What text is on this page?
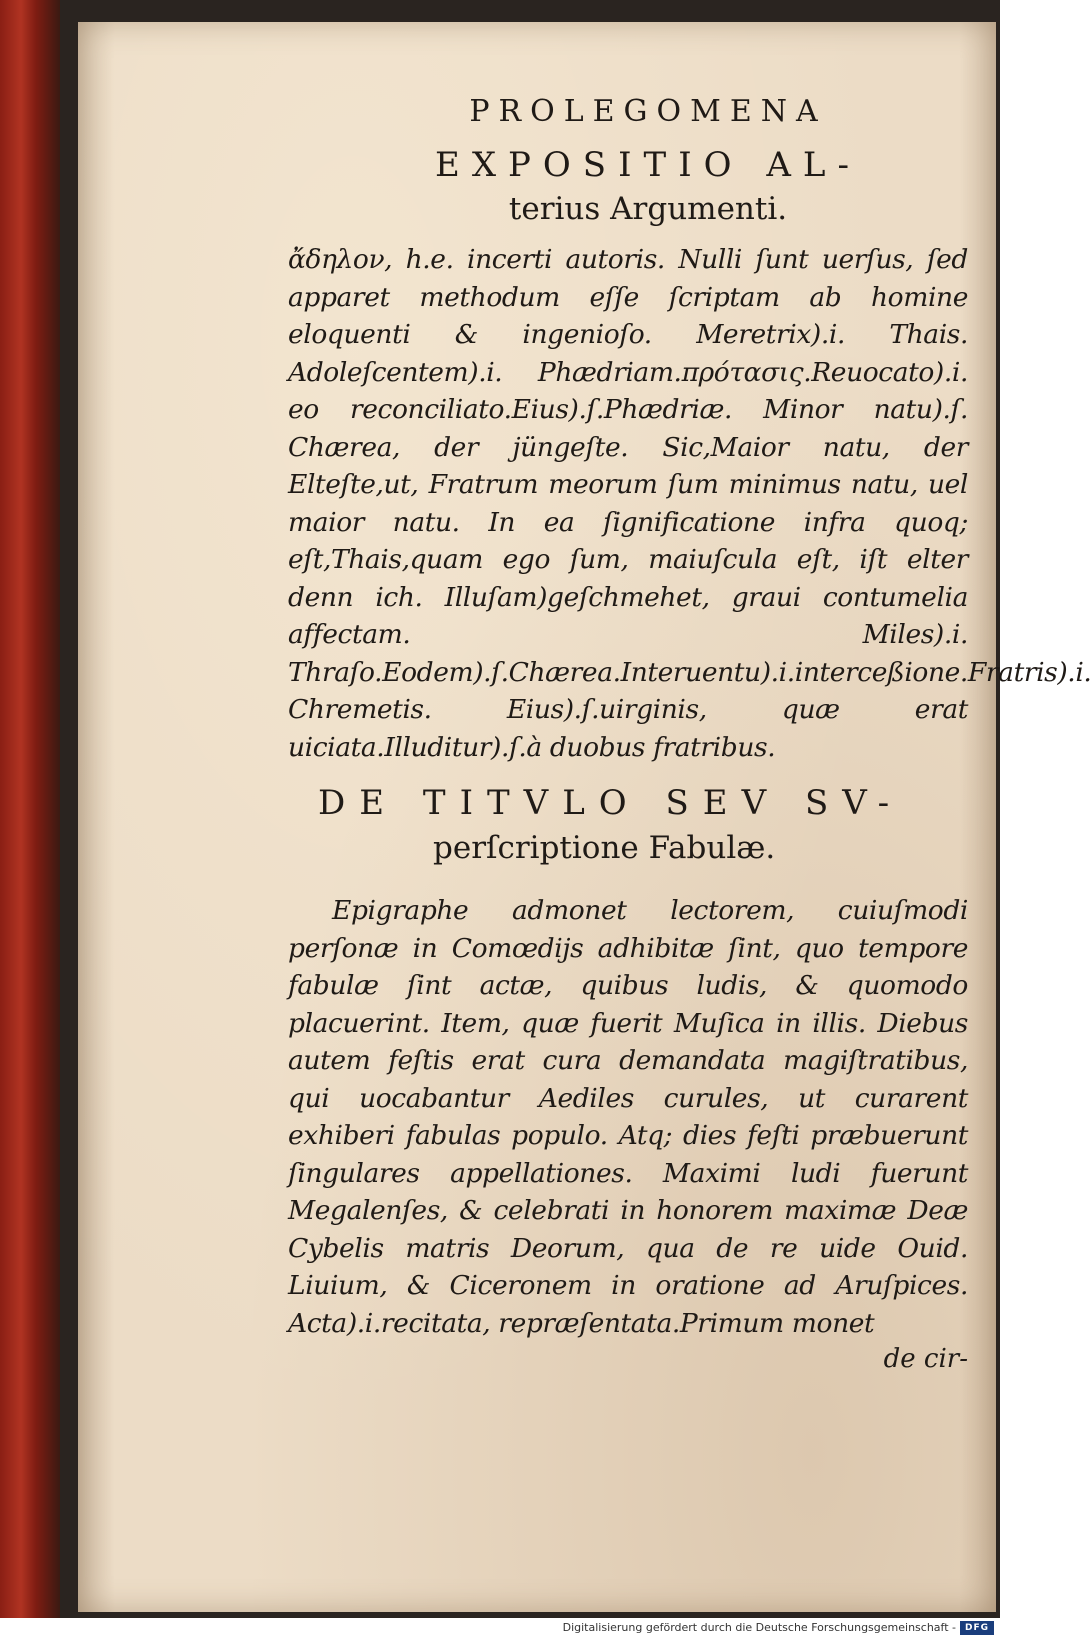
PROLEGOMENA
EXPOSITIO AL-
terius Argumenti.

ἄδηλον, h.e. incerti autoris. Nulli ſunt uerſus, ſed apparet methodum eſſe ſcriptam ab homine eloquenti & ingenioſo. Meretrix).i. Thais. Adoleſcentem).i. Phædriam.πρότασις.Reuocato).i. eo reconciliato.Eius).ſ.Phædriæ. Minor natu).ſ. Chærea, der jüngeſte. Sic,Maior natu, der Elteſte,ut, Fratrum meorum ſum minimus natu, uel maior natu. In ea ſignificatione infra quoq; eſt,Thais,quam ego ſum, maiuſcula eſt, iſt elter denn ich. Illuſam)geſchmehet, graui contumelia affectam. Miles).i. Thraſo.Eodem).ſ.Chærea.Interuentu).i.interceßione.Fratris).i. Chremetis. Eius).ſ.uirginis, quæ erat uiciata.Illuditur).ſ.à duobus fratribus.

DE TITVLO SEV SV-
perſcriptione Fabulæ.

Epigraphe admonet lectorem, cuiuſmodi perſonæ in Comœdijs adhibitæ ſint, quo tempore fabulæ ſint actæ, quibus ludis, & quomodo placuerint. Item, quæ fuerit Muſica in illis. Diebus autem feſtis erat cura demandata magiſtratibus, qui uocabantur Aediles curules, ut curarent exhiberi fabulas populo. Atq; dies feſti præbuerunt ſingulares appellationes. Maximi ludi fuerunt Megalenſes, & celebrati in honorem maximæ Deæ Cybelis matris Deorum, qua de re uide Ouid. Liuium, & Ciceronem in oratione ad Aruſpices. Acta).i.recitata, repræſentata.Primum monet

de cir-
Digitalisierung gefördert durch die Deutsche Forschungsgemeinschaft - DFG
